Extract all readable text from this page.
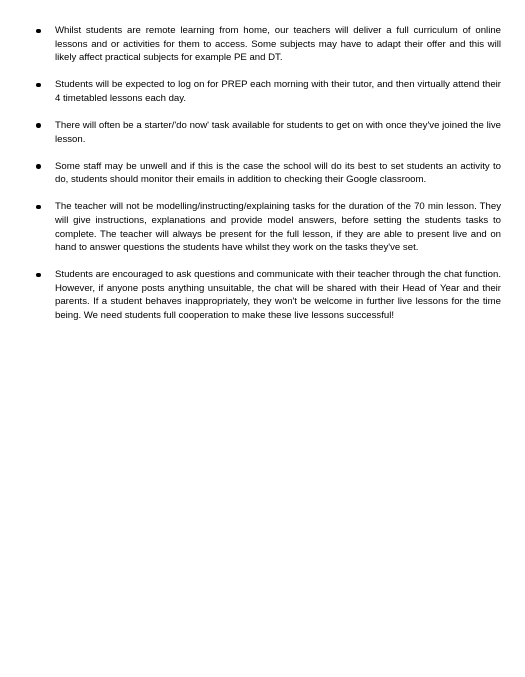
Whilst students are remote learning from home, our teachers will deliver a full curriculum of online lessons and or activities for them to access. Some subjects may have to adapt their offer and this will likely affect practical subjects for example PE and DT.
Students will be expected to log on for PREP each morning with their tutor, and then virtually attend their 4 timetabled lessons each day.
There will often be a starter/'do now' task available for students to get on with once they've joined the live lesson.
Some staff may be unwell and if this is the case the school will do its best to set students an activity to do, students should monitor their emails in addition to checking their Google classroom.
The teacher will not be modelling/instructing/explaining tasks for the duration of the 70 min lesson. They will give instructions, explanations and provide model answers, before setting the students tasks to complete. The teacher will always be present for the full lesson, if they are able to present live and on hand to answer questions the students have whilst they work on the tasks they've set.
Students are encouraged to ask questions and communicate with their teacher through the chat function. However, if anyone posts anything unsuitable, the chat will be shared with their Head of Year and their parents. If a student behaves inappropriately, they won't be welcome in further live lessons for the time being. We need students full cooperation to make these live lessons successful!
